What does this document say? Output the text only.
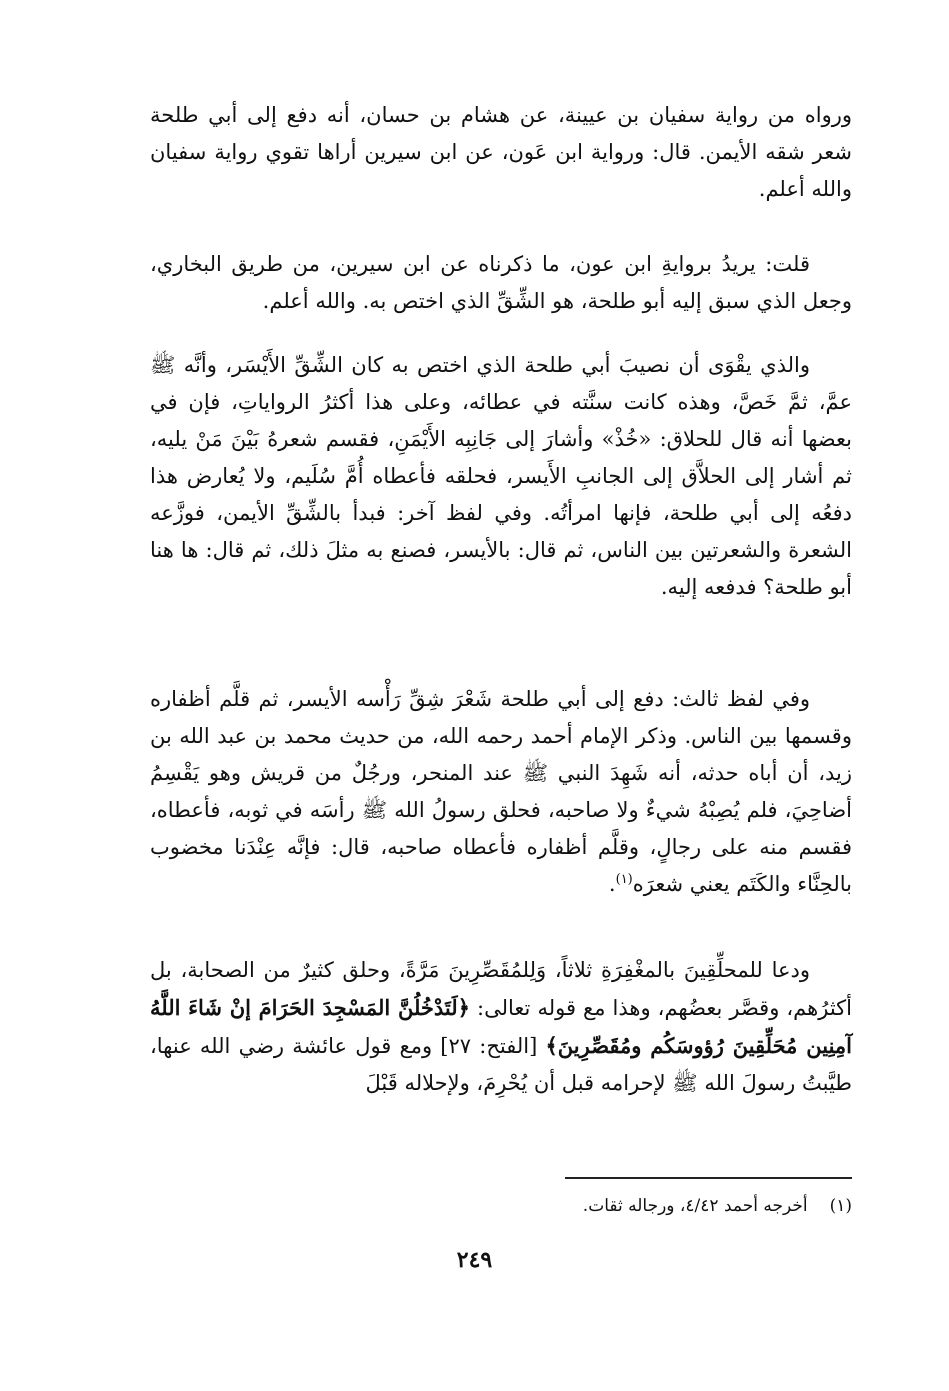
ورواه من رواية سفيان بن عيينة، عن هشام بن حسان، أنه دفع إلى أبي طلحة شعر شقه الأيمن. قال: ورواية ابن عَون، عن ابن سيرين أراها تقوي رواية سفيان والله أعلم.

قلت: يريدُ بروايةِ ابن عون، ما ذكرناه عن ابن سيرين، من طريق البخاري، وجعل الذي سبق إليه أبو طلحة، هو الشِّقِّ الذي اختص به. والله أعلم.

والذي يقْوَى أن نصيبَ أبي طلحة الذي اختص به كان الشِّقِّ الأَيْسَر، وأنَّه ﷺ عمَّ، ثمَّ خَصَّ، وهذه كانت سنَّته في عطائه، وعلى هذا أكثرُ الرواياتِ، فإن في بعضها أنه قال للحلاق: «خُذْ» وأشارَ إلى جَانِبِه الأَيْمَنِ، فقسم شعرهُ بَيْنَ مَنْ يليه، ثم أشار إلى الحلاَّق إلى الجانبِ الأَيسر، فحلقه فأعطاه أُمَّ سُلَيم، ولا يُعارض هذا دفعُه إلى أبي طلحة، فإنها امرأتُه. وفي لفظ آخر: فبدأ بالشِّقِّ الأيمن، فوزَّعه الشعرة والشعرتين بين الناس، ثم قال: بالأيسر، فصنع به مثلَ ذلك، ثم قال: ها هنا أبو طلحة؟ فدفعه إليه.

وفي لفظ ثالث: دفع إلى أبي طلحة شَعْرَ شِقِّ رَأْسه الأيسر، ثم قلَّم أظفاره وقسمها بين الناس. وذكر الإمام أحمد رحمه الله، من حديث محمد بن عبد الله بن زيد، أن أباه حدثه، أنه شَهِدَ النبي ﷺ عند المنحر، ورجُلٌ من قريش وهو يَقْسِمُ أضاحِيَ، فلم يُصِبْهُ شيءٌ ولا صاحبه، فحلق رسولُ الله ﷺ رأسَه في ثوبه، فأعطاه، فقسم منه على رجالٍ، وقلَّم أظفاره فأعطاه صاحبه، قال: فإنَّه عِنْدَنا مخضوب بالحِنَّاء والكَتَم يعني شعرَه$^{(١)}$.

ودعا للمحلِّقِينَ بالمغْفِرَةِ ثلاثاً، وَلِلمُقَصِّرِينَ مَرَّةً، وحلق كثيرٌ من الصحابة، بل أكثرُهم، وقصَّر بعضُهم، وهذا مع قوله تعالى: ﴿لَتَدْخُلُنَّ المَسْجِدَ الحَرَامَ إنْ شَاءَ اللَّهُ آمِنِين مُحَلِّقِينَ رُؤوسَكُم ومُقَصِّرِينَ﴾ [الفتح: ٢٧] ومع قول عائشة رضي الله عنها، طيَّبتُ رسولَ الله ﷺ لإحرامه قبل أن يُحْرِمَ، ولإحلاله قَبْلَ

(١)أخرجه أحمد ٤/٤٢، ورجاله ثقات.

٢٤٩
